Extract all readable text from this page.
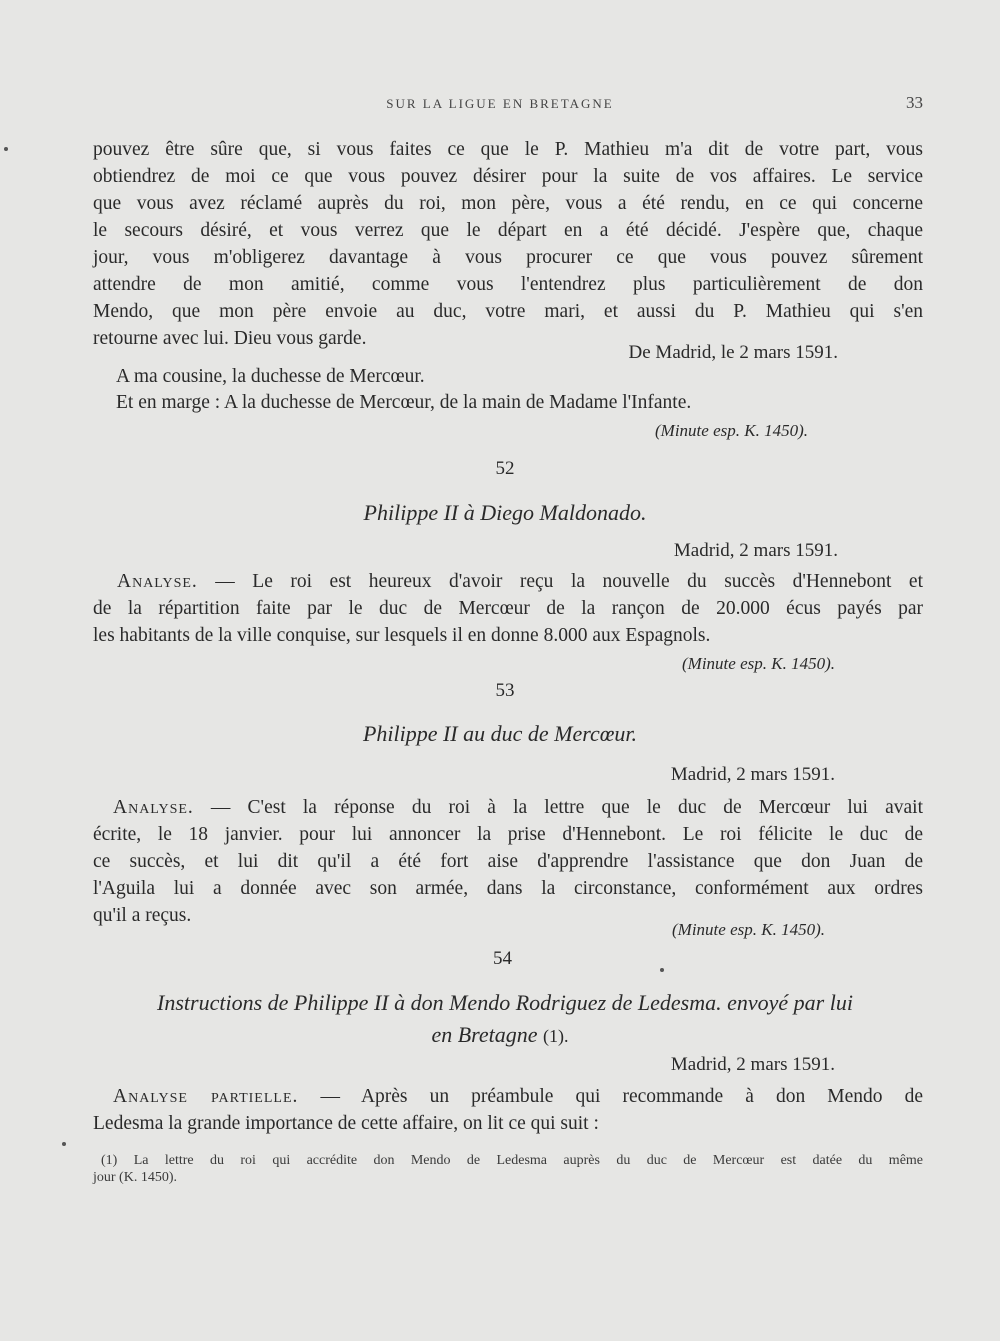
SUR LA LIGUE EN BRETAGNE	33
pouvez être sûre que, si vous faites ce que le P. Mathieu m'a dit de votre part, vous
obtiendrez de moi ce que vous pouvez désirer pour la suite de vos affaires. Le service
que vous avez réclamé auprès du roi, mon père, vous a été rendu, en ce qui concerne
le secours désiré, et vous verrez que le départ en a été décidé. J'espère que, chaque
jour, vous m'obligerez davantage à vous procurer ce que vous pouvez sûrement
attendre de mon amitié, comme vous l'entendrez plus particulièrement de don
Mendo, que mon père envoie au duc, votre mari, et aussi du P. Mathieu qui s'en
retourne avec lui. Dieu vous garde.
De Madrid, le 2 mars 1591.
A ma cousine, la duchesse de Mercœur.
Et en marge : A la duchesse de Mercœur, de la main de Madame l'Infante.
(Minute esp. K. 1450).
52
Philippe II à Diego Maldonado.
Madrid, 2 mars 1591.
Analyse. — Le roi est heureux d'avoir reçu la nouvelle du succès d'Hennebont et
de la répartition faite par le duc de Mercœur de la rançon de 20.000 écus payés par
les habitants de la ville conquise, sur lesquels il en donne 8.000 aux Espagnols.
(Minute esp. K. 1450).
53
Philippe II au duc de Mercœur.
Madrid, 2 mars 1591.
Analyse. — C'est la réponse du roi à la lettre que le duc de Mercœur lui avait
écrite, le 18 janvier. pour lui annoncer la prise d'Hennebont. Le roi félicite le duc de
ce succès, et lui dit qu'il a été fort aise d'apprendre l'assistance que don Juan de
l'Aguila lui a donnée avec son armée, dans la circonstance, conformément aux ordres
qu'il a reçus.
(Minute esp. K. 1450).
54
Instructions de Philippe II à don Mendo Rodriguez de Ledesma. envoyé par lui
en Bretagne (1).
Madrid, 2 mars 1591.
Analyse partielle. — Après un préambule qui recommande à don Mendo de
Ledesma la grande importance de cette affaire, on lit ce qui suit :
(1) La lettre du roi qui accrédite don Mendo de Ledesma auprès du duc de Mercœur est datée du même
jour (K. 1450).
